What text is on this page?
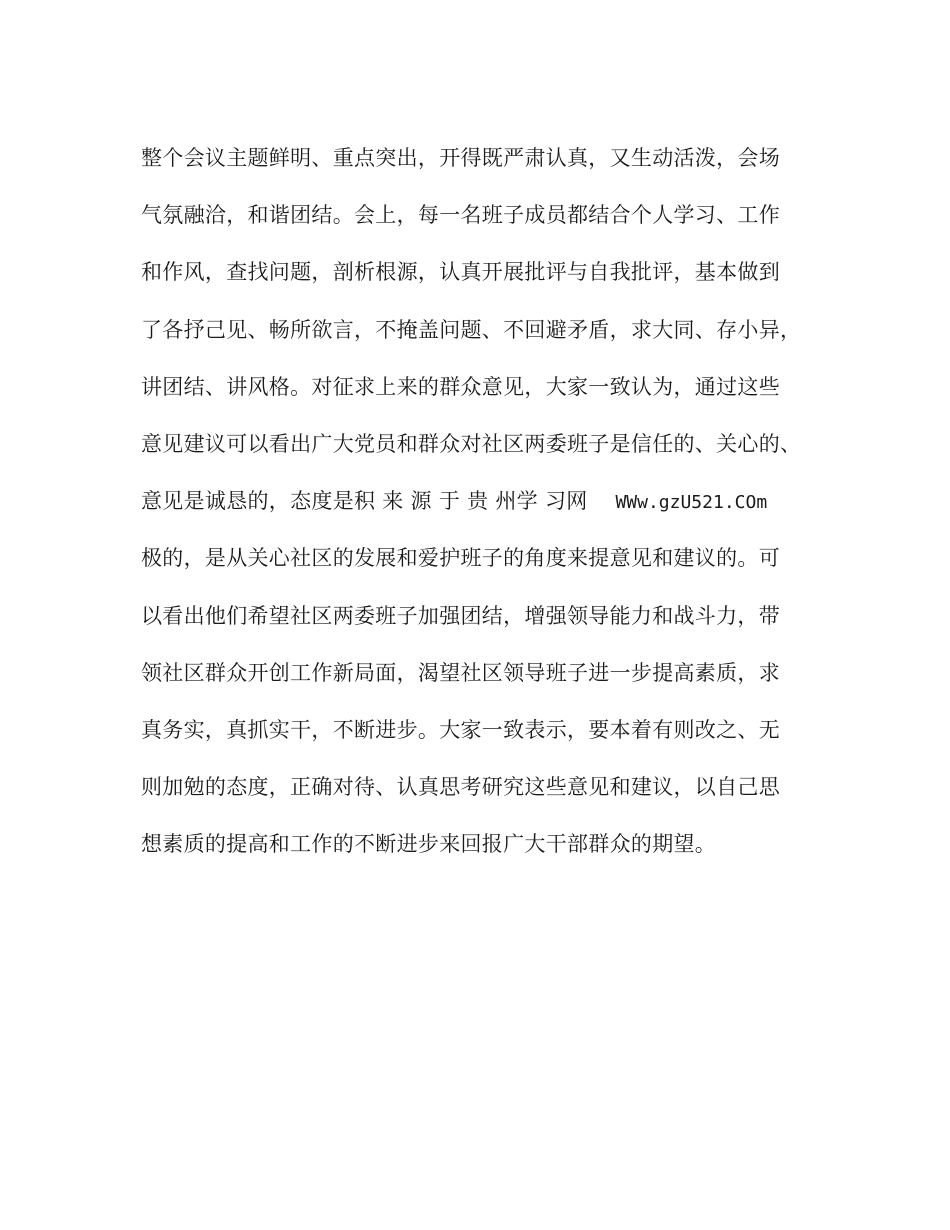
整个会议主题鲜明、重点突出，开得既严肃认真，又生动活泼，会场
气氛融洽，和谐团结。会上，每一名班子成员都结合个人学习、工作
和作风，查找问题，剖析根源，认真开展批评与自我批评，基本做到
了各抒己见、畅所欲言，不掩盖问题、不回避矛盾，求大同、存小异，
讲团结、讲风格。对征求上来的群众意见，大家一致认为，通过这些
意见建议可以看出广大党员和群众对社区两委班子是信任的、关心的、
意见是诚恳的，态度是积 来 源 于 贵 州学 习网    WWw.gzU521.COm
极的，是从关心社区的发展和爱护班子的角度来提意见和建议的。可
以看出他们希望社区两委班子加强团结，增强领导能力和战斗力，带
领社区群众开创工作新局面，渴望社区领导班子进一步提高素质，求
真务实，真抓实干，不断进步。大家一致表示，要本着有则改之、无
则加勉的态度，正确对待、认真思考研究这些意见和建议，以自己思
想素质的提高和工作的不断进步来回报广大干部群众的期望。
